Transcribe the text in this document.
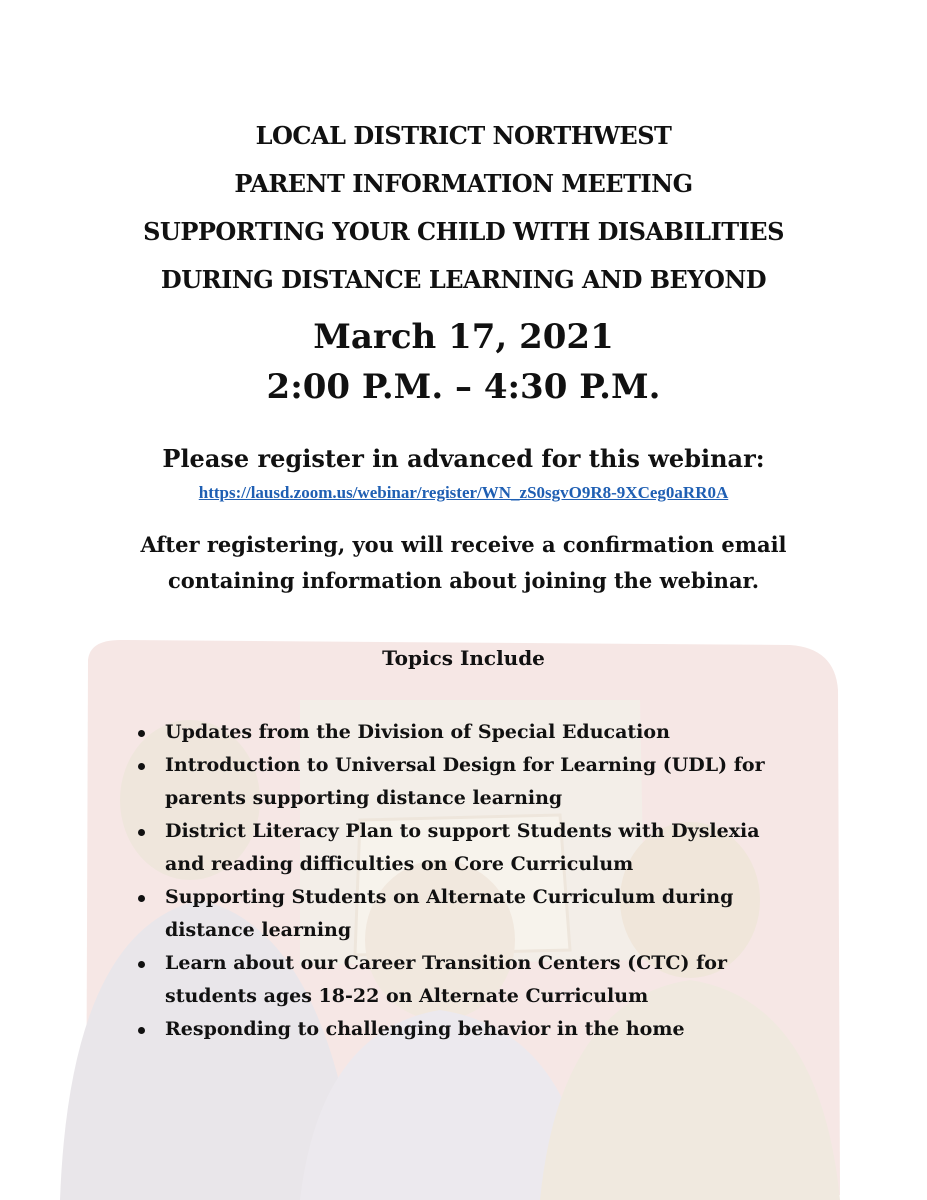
LOCAL DISTRICT NORTHWEST
PARENT INFORMATION MEETING
SUPPORTING YOUR CHILD WITH DISABILITIES
DURING DISTANCE LEARNING AND BEYOND
March 17, 2021
2:00 P.M. – 4:30 P.M.
Please register in advanced for this webinar:
https://lausd.zoom.us/webinar/register/WN_zS0sgvO9R8-9XCeg0aRR0A
After registering, you will receive a confirmation email
containing information about joining the webinar.
Topics Include
Updates from the Division of Special Education
Introduction to Universal Design for Learning (UDL) for
parents supporting distance learning
District Literacy Plan to support Students with Dyslexia
and reading difficulties on Core Curriculum
Supporting Students on Alternate Curriculum during
distance learning
Learn about our Career Transition Centers (CTC) for
students ages 18-22 on Alternate Curriculum
Responding to challenging behavior in the home
